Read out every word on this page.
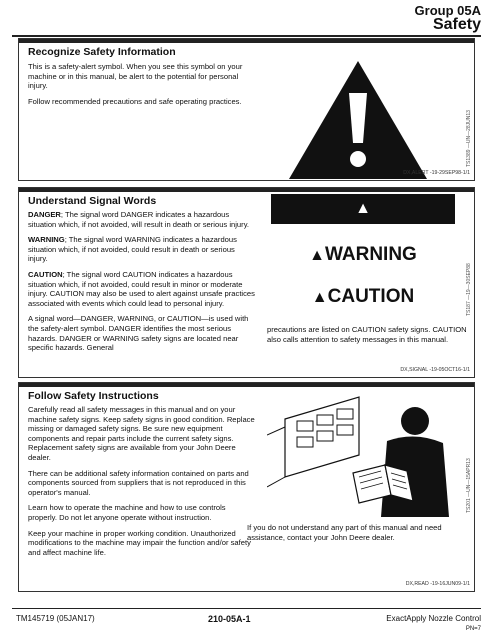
Group 05A
Safety
Recognize Safety Information

This is a safety-alert symbol. When you see this symbol on your machine or in this manual, be alert to the potential for personal injury.

Follow recommended precautions and safe operating practices.

TS1389 —UN—28JUN13
DX,ALERT -19-29SEP98-1/1
Understand Signal Words

DANGER; The signal word DANGER indicates a hazardous situation which, if not avoided, will result in death or serious injury.

WARNING; The signal word WARNING indicates a hazardous situation which, if not avoided, could result in death or serious injury.

CAUTION; The signal word CAUTION indicates a hazardous situation which, if not avoided, could result in minor or moderate injury. CAUTION may also be used to alert against unsafe practices associated with events which could lead to personal injury.

A signal word—DANGER, WARNING, or CAUTION—is used with the safety-alert symbol. DANGER identifies the most serious hazards. DANGER or WARNING safety signs are located near specific hazards. General

▲
DANGER
▲WARNING
▲CAUTION	TS187 —19—30SEP88

precautions are listed on CAUTION safety signs. CAUTION also calls attention to safety messages in this manual.

DX,SIGNAL -19-05OCT16-1/1
Follow Safety Instructions

Carefully read all safety messages in this manual and on your machine safety signs. Keep safety signs in good condition. Replace missing or damaged safety signs. Be sure new equipment components and repair parts include the current safety signs. Replacement safety signs are available from your John Deere dealer.

There can be additional safety information contained on parts and components sourced from suppliers that is not reproduced in this operator's manual.

Learn how to operate the machine and how to use controls properly. Do not let anyone operate without instruction.

Keep your machine in proper working condition. Unauthorized modifications to the machine may impair the function and/or safety and affect machine life.

TS201 —UN—15APR13

If you do not understand any part of this manual and need assistance, contact your John Deere dealer.

DX,READ -19-16JUN09-1/1
TM145719 (05JAN17)	210-05A-1	ExactApply Nozzle Control
PN=7
